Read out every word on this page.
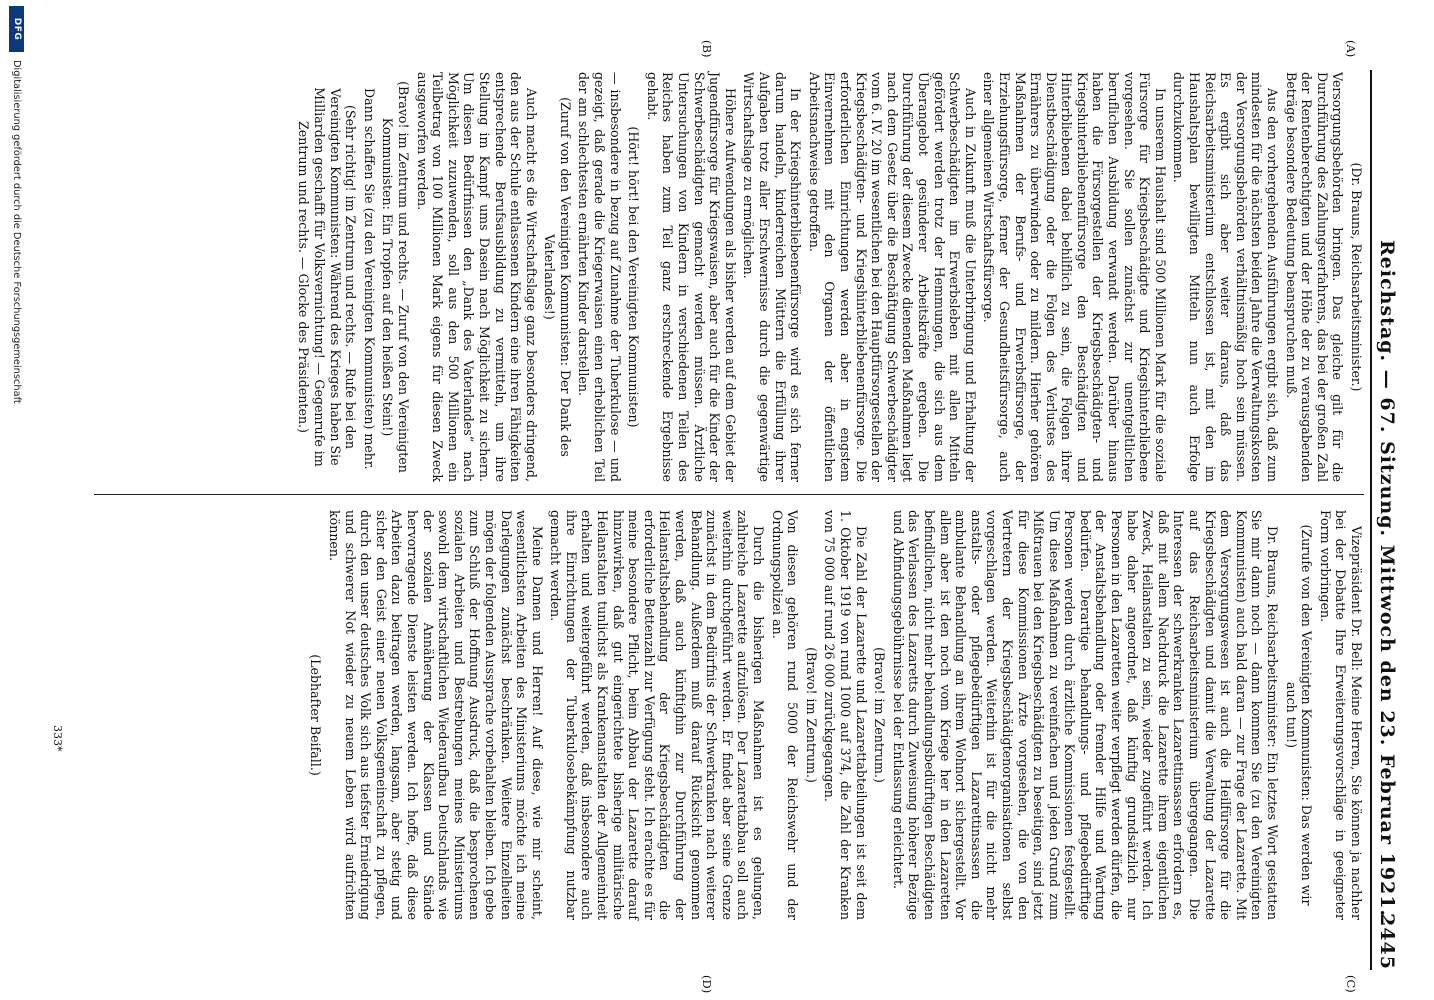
Reichstag. — 67. Sitzung. Mittwoch den 23. Februar 1921.
2445
(A)
(B)
(C)
(D)

(Dr. Brauns, Reichsarbeitsminister.)

Versorgungsbehörden bringen. Das gleiche gilt für die Durchführung des Zahlungsverfahrens, das bei der großen Zahl der Rentenberechtigten und der Höhe der zu verausgabenden Beträge besondere Bedeutung beanspruchen muß.

Aus den vorhergehenden Ausführungen ergibt sich, daß zum mindesten für die nächsten beiden Jahre die Verwaltungskosten der Versorgungsbehörden verhältnismäßig hoch sein müssen. Es ergibt sich aber weiter daraus, daß das Reichsarbeitsministerium entschlossen ist, mit den im Haushaltsplan bewilligten Mitteln nun auch Erfolge durchzukommen.

In unserem Haushalt sind 500 Millionen Mark für die soziale Fürsorge für Kriegsbeschädigte und Kriegshinterbliebene vorgesehen. Sie sollen zunächst zur unentgeltlichen beruflichen Ausbildung verwandt werden. Darüber hinaus haben die Fürsorgestellen der Kriegsbeschädigten- und Kriegshinterbliebenenfürsorge den Beschädigten und Hinterbliebenen dabei behilflich zu sein, die Folgen ihrer Dienstbeschädigung oder die Folgen des Verlustes des Ernährers zu überwinden oder zu mildern. Hierher gehören Maßnahmen der Berufs- und Erwerbsfürsorge, der Erziehungsfürsorge, ferner der Gesundheitsfürsorge, auch einer allgemeinen Wirtschaftsfürsorge.

Auch in Zukunft muß die Unterbringung und Erhaltung der Schwerbeschädigten im Erwerbsleben mit allen Mitteln gefördert werden trotz der Hemmungen, die sich aus dem Überangebot gesünderer Arbeitskräfte ergeben. Die Durchführung der diesem Zwecke dienenden Maßnahmen liegt nach dem Gesetz über die Beschäftigung Schwerbeschädigter vom 6. IV. 20 im wesentlichen bei den Hauptfürsorgestellen der Kriegsbeschädigten- und Kriegshinterbliebenenfürsorge. Die erforderlichen Einrichtungen werden aber in engstem Einvernehmen mit den Organen der öffentlichen Arbeitsnachweise getroffen.

In der Kriegshinterbliebenenfürsorge wird es sich ferner darum handeln, kinderreichen Müttern die Erfüllung ihrer Aufgaben trotz aller Erschwernisse durch die gegenwärtige Wirtschaftslage zu ermöglichen.

Höhere Aufwendungen als bisher werden auf dem Gebiet der Jugendfürsorge für Kriegswaisen, aber auch für die Kinder der Schwerbeschädigten gemacht werden müssen. Ärztliche Untersuchungen von Kindern in verschiedenen Teilen des Reiches haben zum Teil ganz erschreckende Ergebnisse gehabt.

(Hört! hört! bei den Vereinigten Kommunisten)

— insbesondere in bezug auf Zunahme der Tuberkulose — und gezeigt, daß gerade die Kriegerwaisen einen erheblichen Teil der am schlechtesten ernährten Kinder darstellen.

(Zuruf von den Vereinigten Kommunisten: Der Dank des Vaterlandes!)

Auch macht es die Wirtschaftslage ganz besonders dringend, den aus der Schule entlassenen Kindern eine ihren Fähigkeiten entsprechende Berufsausbildung zu vermitteln, um ihre Stellung im Kampf ums Dasein nach Möglichkeit zu sichern. Um diesen Bedürfnissen den „Dank des Vaterlandes“ nach Möglichkeit zuzuwenden, soll aus den 500 Millionen ein Teilbetrag von 100 Millionen Mark eigens für diesen Zweck ausgeworfen werden.

(Bravo! im Zentrum und rechts. — Zuruf von den Vereinigten Kommunisten: Ein Tropfen auf den heißen Stein!)

Dann schaffen Sie (zu den Vereinigten Kommunisten) mehr.

(Sehr richtig! im Zentrum und rechts. — Rufe bei den Vereinigten Kommunisten: Während des Krieges haben Sie Milliarden geschafft für Volksvernichtung! — Gegenrufe im Zentrum und rechts. — Glocke des Präsidenten.)

Vizepräsident Dr. Bell: Meine Herren, Sie können ja nachher bei der Debatte Ihre Erweiterungsvorschläge in geeigneter Form vorbringen.

(Zurufe von den Vereinigten Kommunisten: Das werden wir auch tun!)

Dr. Brauns, Reichsarbeitsminister: Ein letztes Wort gestatten Sie mir dann noch — dann kommen Sie (zu den Vereinigten Kommunisten) auch bald daran — zur Frage der Lazarette. Mit dem Versorgungswesen ist auch die Heilfürsorge für die Kriegsbeschädigten und damit die Verwaltung der Lazarette auf das Reichsarbeitsministerium übergegangen. Die Interessen der schwerkranken Lazarettinsassen erfordern es, daß mit allem Nachdruck die Lazarette ihrem eigentlichen Zweck, Heilanstalten zu sein, wieder zugeführt werden. Ich habe daher angeordnet, daß künftig grundsätzlich nur Personen in den Lazaretten weiter verpflegt werden dürfen, die der Anstaltsbehandlung oder fremder Hilfe und Wartung bedürfen. Derartige behandlungs- und pflegebedürftige Personen werden durch ärztliche Kommissionen festgestellt. Um diese Maßnahmen zu vereinfachen und jeden Grund zum Mißtrauen bei den Kriegsbeschädigten zu beseitigen, sind jetzt für diese Kommissionen Ärzte vorgesehen, die von den Vertretern der Kriegsbeschädigtenorganisationen selbst vorgeschlagen werden. Weiterhin ist für die nicht mehr anstalts- oder pflegebedürftigen Lazarettinsassen die ambulante Behandlung an ihrem Wohnort sichergestellt. Vor allem aber ist den noch vom Kriege her in den Lazaretten befindlichen, nicht mehr behandlungsbedürftigen Beschädigten das Verlassen des Lazaretts durch Zuweisung höherer Bezüge und Abfindungsgebührnisse bei der Entlassung erleichtert.

(Bravo! im Zentrum.)

Die Zahl der Lazarette und Lazarettabteilungen ist seit dem 1. Oktober 1919 von rund 1000 auf 374, die Zahl der Kranken von 75 000 auf rund 26 000 zurückgegangen.

(Bravo! im Zentrum.)

Von diesen gehören rund 5000 der Reichswehr und der Ordnungspolizei an.

Durch die bisherigen Maßnahmen ist es gelungen, zahlreiche Lazarette aufzulösen. Der Lazarettabbau soll auch weiterhin durchgeführt werden. Er findet aber seine Grenze zunächst in dem Bedürfnis der Schwerkranken nach weiterer Behandlung. Außerdem muß darauf Rücksicht genommen werden, daß auch künftighin zur Durchführung der Heilanstaltsbehandlung der Kriegsbeschädigten die erforderliche Bettenzahl zur Verfügung steht. Ich erachte es für meine besondere Pflicht, beim Abbau der Lazarette darauf hinzuwirken, daß gut eingerichtete bisherige militärische Heilanstalten tunlichst als Krankenanstalten der Allgemeinheit erhalten und weitergeführt werden, daß insbesondere auch ihre Einrichtungen der Tuberkulosebekämpfung nutzbar gemacht werden.

Meine Damen und Herren! Auf diese, wie mir scheint, wesentlichsten Arbeiten des Ministeriums möchte ich meine Darlegungen zunächst beschränken. Weitere Einzelheiten mögen der folgenden Aussprache vorbehalten bleiben. Ich gebe zum Schluß der Hoffnung Ausdruck, daß die besprochenen sozialen Arbeiten und Bestrebungen meines Ministeriums sowohl dem wirtschaftlichen Wiederaufbau Deutschlands wie der sozialen Annäherung der Klassen und Stände hervorragende Dienste leisten werden. Ich hoffe, daß diese Arbeiten dazu beitragen werden, langsam, aber stetig und sicher den Geist einer neuen Volksgemeinschaft zu pflegen, durch den unser deutsches Volk sich aus tiefster Erniedrigung und schwerer Not wieder zu neuem Leben wird aufrichten können.

(Lebhafter Beifall.)

333*
DFG
Digitalisierung gefördert durch die Deutsche Forschungsgemeinschaft
